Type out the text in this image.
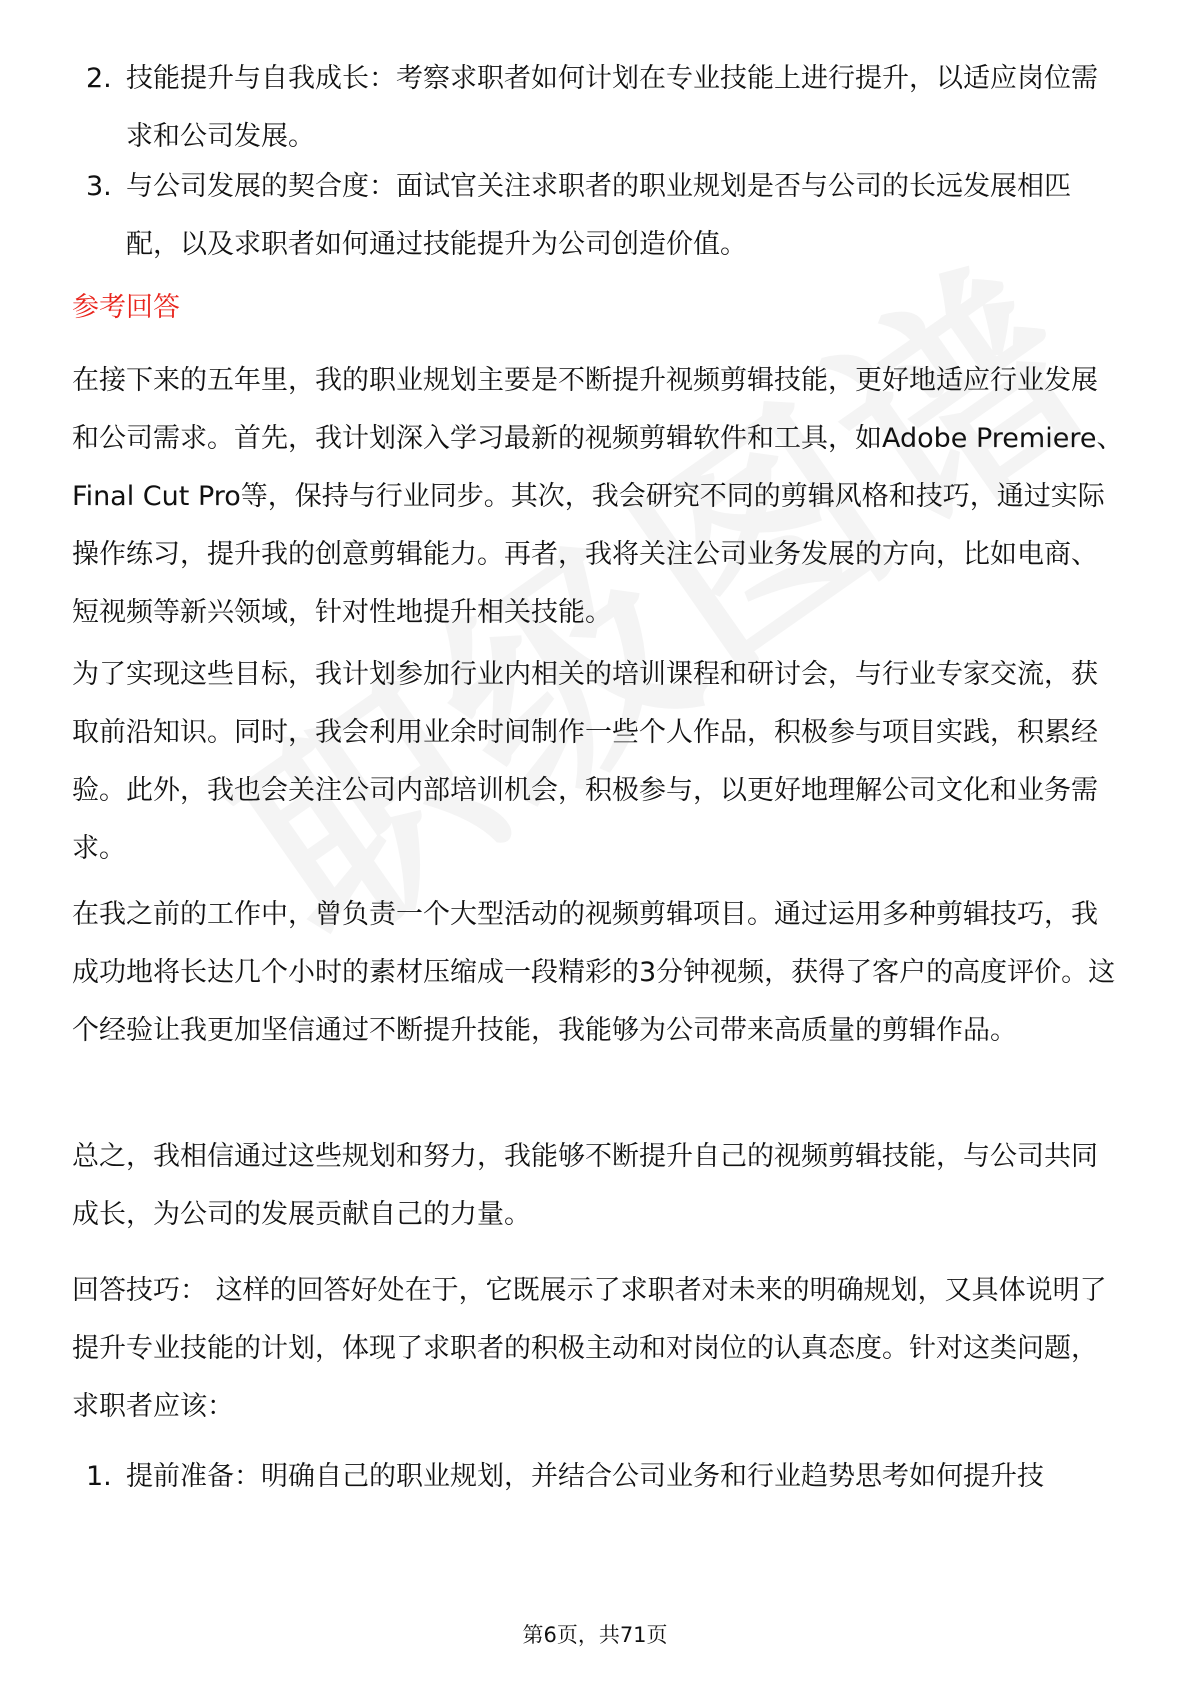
2. 技能提升与自我成长：考察求职者如何计划在专业技能上进行提升，以适应岗位需求和公司发展。
3. 与公司发展的契合度：面试官关注求职者的职业规划是否与公司的长远发展相匹配，以及求职者如何通过技能提升为公司创造价值。
参考回答

在接下来的五年里，我的职业规划主要是不断提升视频剪辑技能，更好地适应行业发展和公司需求。首先，我计划深入学习最新的视频剪辑软件和工具，如Adobe Premiere、Final Cut Pro等，保持与行业同步。其次，我会研究不同的剪辑风格和技巧，通过实际操作练习，提升我的创意剪辑能力。再者，我将关注公司业务发展的方向，比如电商、短视频等新兴领域，针对性地提升相关技能。

为了实现这些目标，我计划参加行业内相关的培训课程和研讨会，与行业专家交流，获取前沿知识。同时，我会利用业余时间制作一些个人作品，积极参与项目实践，积累经验。此外，我也会关注公司内部培训机会，积极参与，以更好地理解公司文化和业务需求。

在我之前的工作中，曾负责一个大型活动的视频剪辑项目。通过运用多种剪辑技巧，我成功地将长达几个小时的素材压缩成一段精彩的3分钟视频，获得了客户的高度评价。这个经验让我更加坚信通过不断提升技能，我能够为公司带来高质量的剪辑作品。

总之，我相信通过这些规划和努力，我能够不断提升自己的视频剪辑技能，与公司共同成长，为公司的发展贡献自己的力量。

回答技巧： 这样的回答好处在于，它既展示了求职者对未来的明确规划，又具体说明了提升专业技能的计划，体现了求职者的积极主动和对岗位的认真态度。针对这类问题，求职者应该：

1. 提前准备：明确自己的职业规划，并结合公司业务和行业趋势思考如何提升技
第6页，共71页
